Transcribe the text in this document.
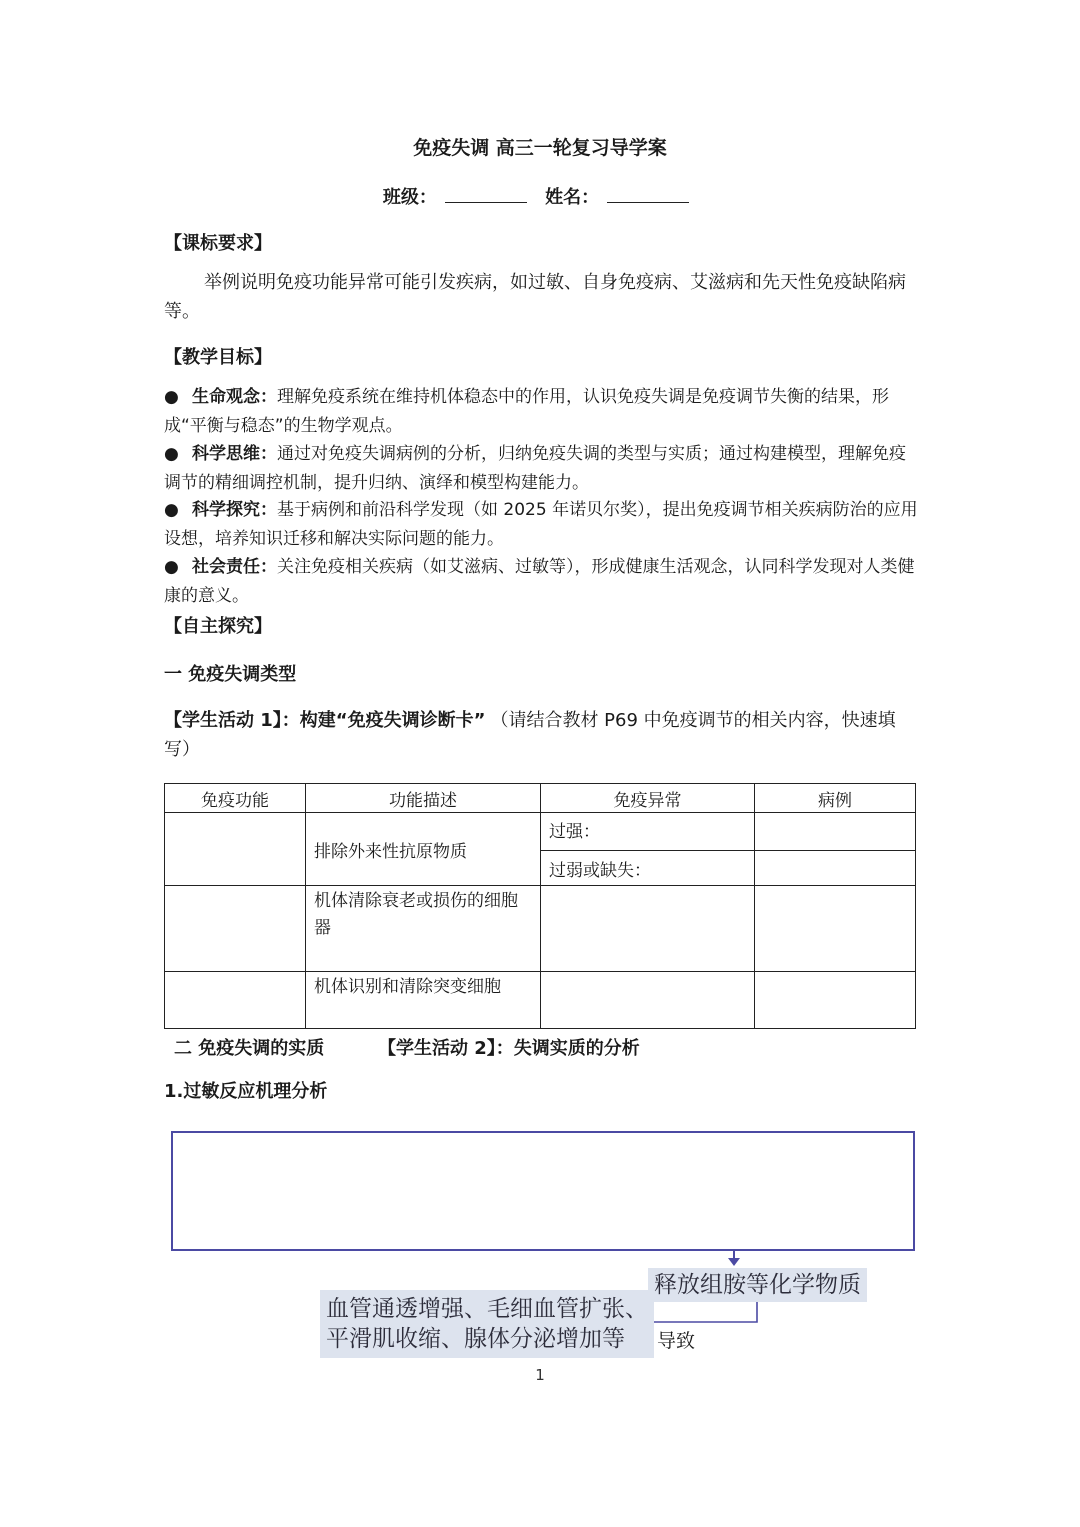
免疫失调 高三一轮复习导学案
班级：	姓名：
【课标要求】
举例说明免疫功能异常可能引发疾病，如过敏、自身免疫病、艾滋病和先天性免疫缺陷病等。
【教学目标】
● 生命观念：理解免疫系统在维持机体稳态中的作用，认识免疫失调是免疫调节失衡的结果，形成“平衡与稳态”的生物学观点。
● 科学思维：通过对免疫失调病例的分析，归纳免疫失调的类型与实质；通过构建模型，理解免疫调节的精细调控机制，提升归纳、演绎和模型构建能力。
● 科学探究：基于病例和前沿科学发现（如 2025 年诺贝尔奖），提出免疫调节相关疾病防治的应用设想，培养知识迁移和解决实际问题的能力。
● 社会责任：关注免疫相关疾病（如艾滋病、过敏等），形成健康生活观念，认同科学发现对人类健康的意义。
【自主探究】
一 免疫失调类型
【学生活动 1】：构建“免疫失调诊断卡” （请结合教材 P69 中免疫调节的相关内容，快速填写）
免疫功能	功能描述	免疫异常	病例
	排除外来性抗原物质	过强：	
		过弱或缺失：	
	机体清除衰老或损伤的细胞器		
	机体识别和清除突变细胞		
二 免疫失调的实质	【学生活动 2】：失调实质的分析
1.过敏反应机理分析
释放组胺等化学物质
血管通透增强、毛细血管扩张、
平滑肌收缩、腺体分泌增加等	导致
1
